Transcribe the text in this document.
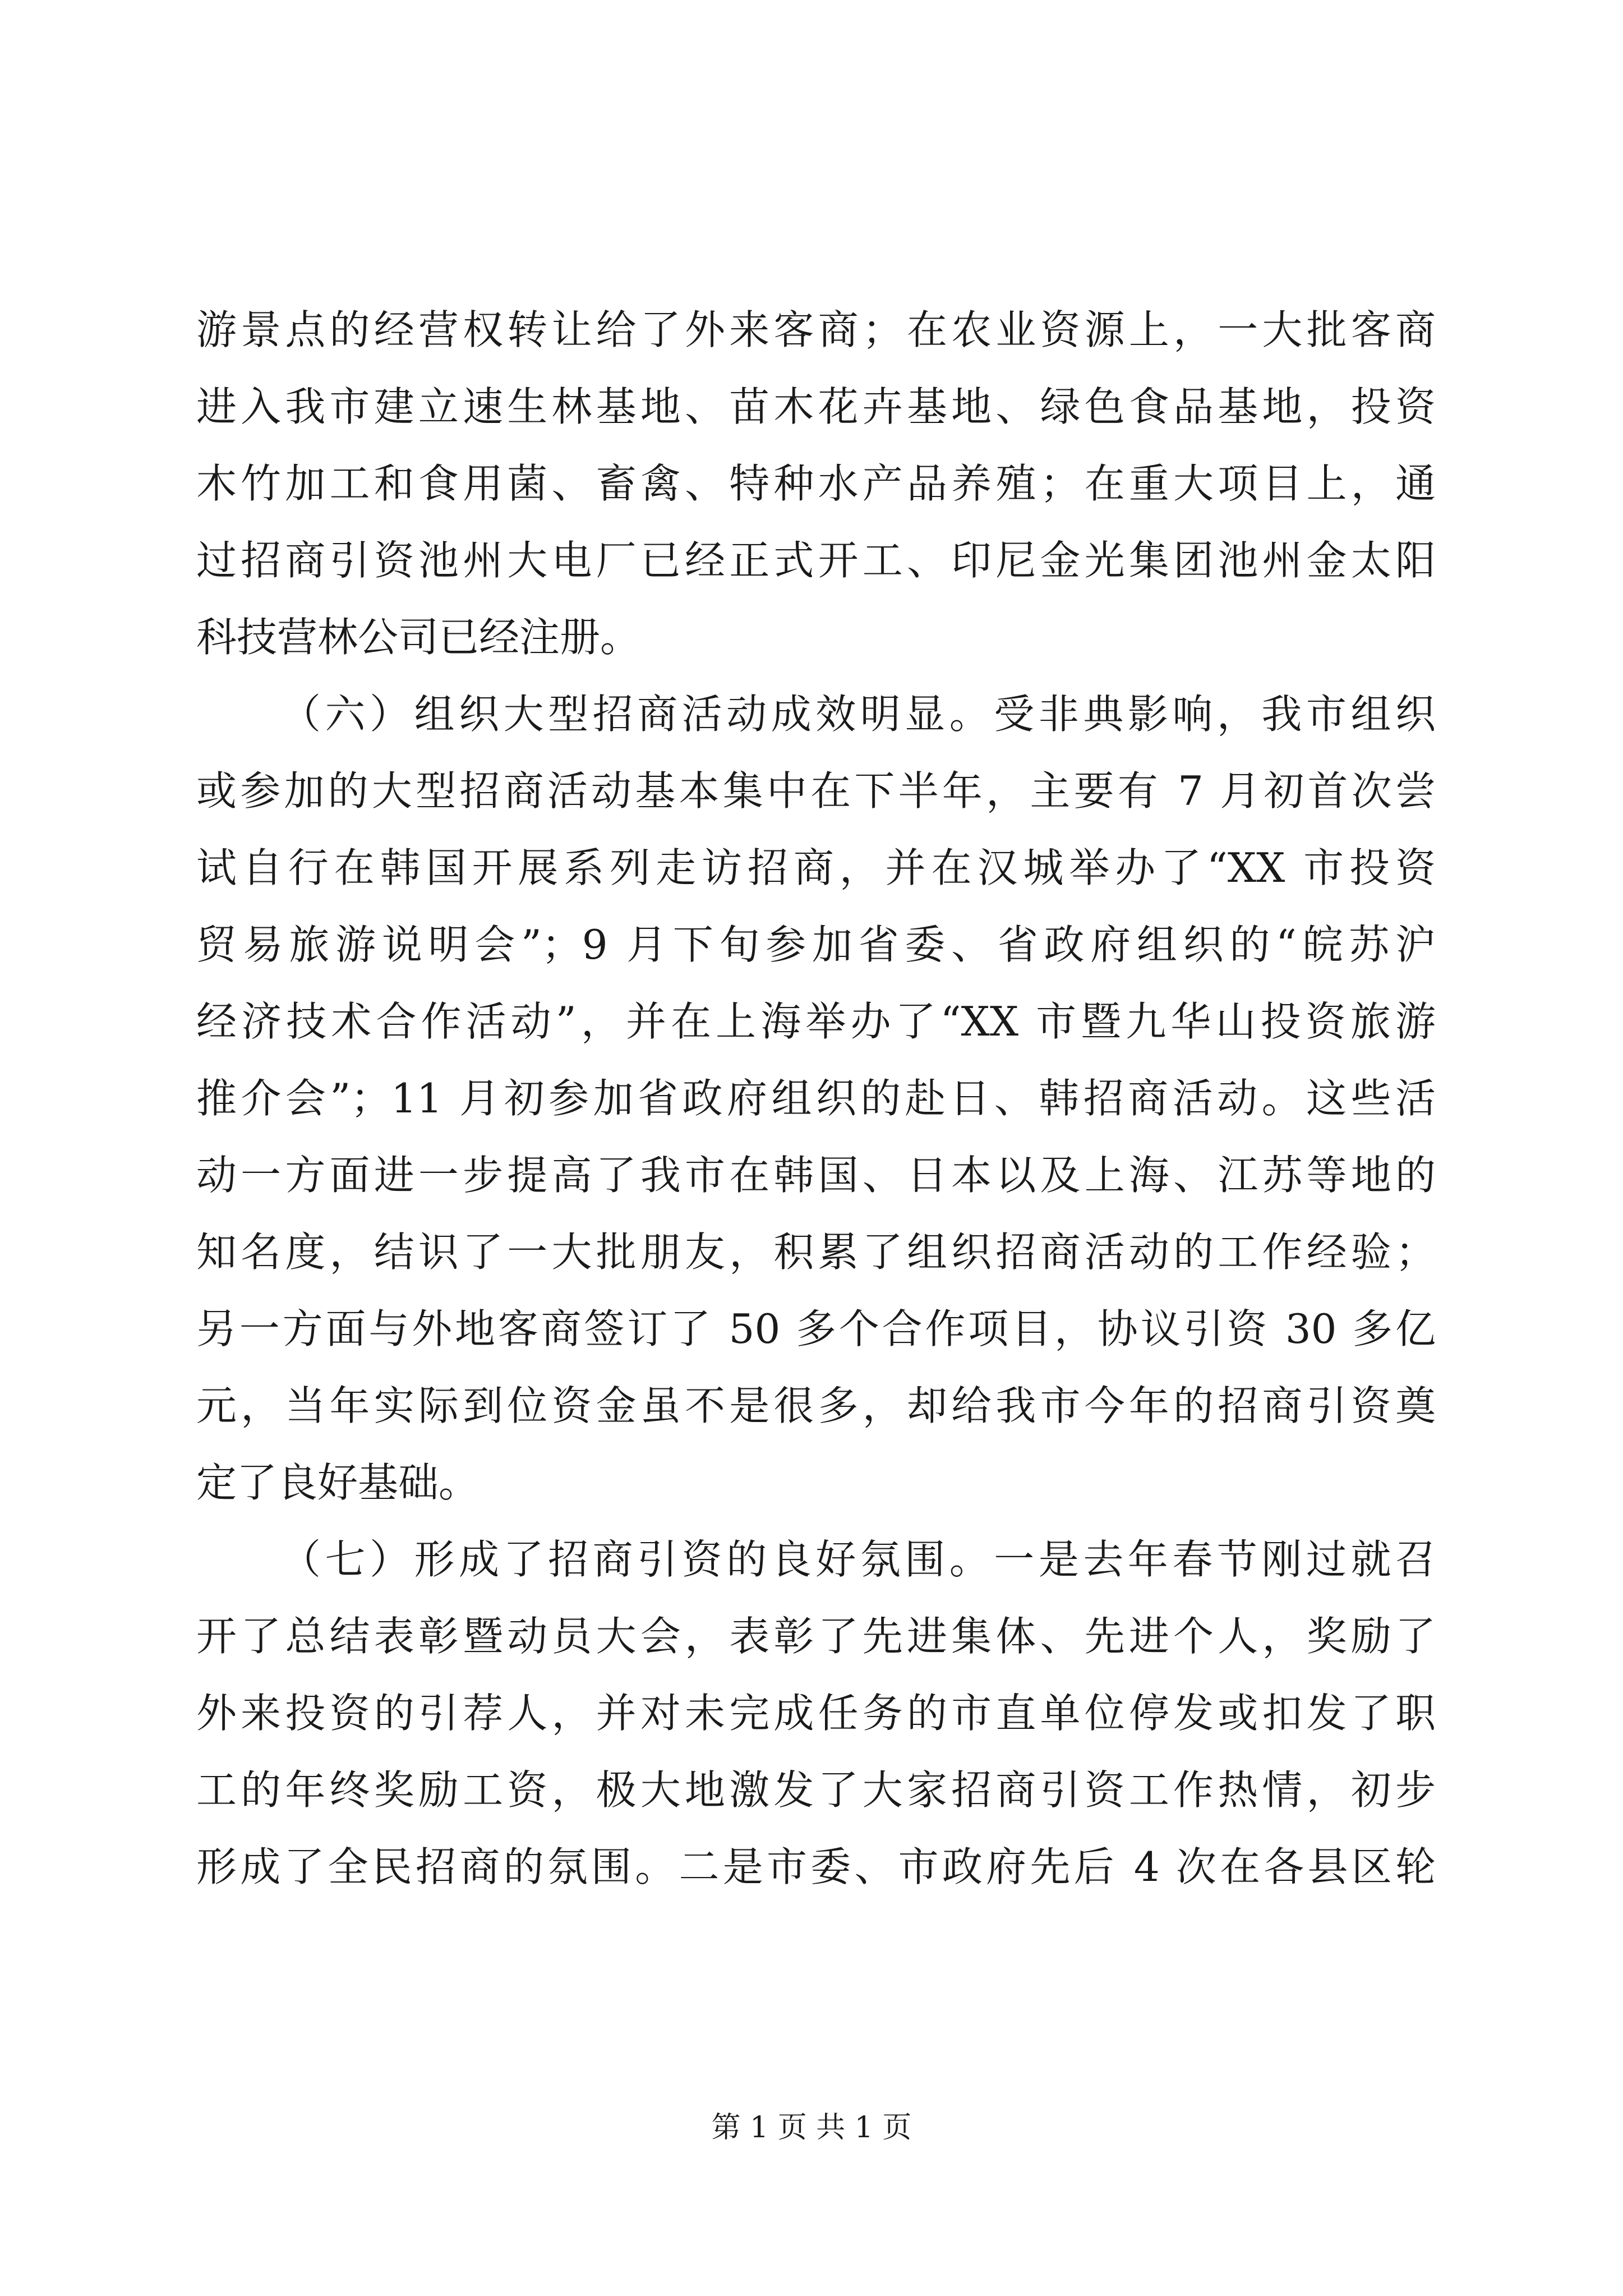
游景点的经营权转让给了外来客商；在农业资源上，一大批客商
进入我市建立速生林基地、苗木花卉基地、绿色食品基地，投资
木竹加工和食用菌、畜禽、特种水产品养殖；在重大项目上，通
过招商引资池州大电厂已经正式开工、印尼金光集团池州金太阳
科技营林公司已经注册。
（六）组织大型招商活动成效明显。受非典影响，我市组织
或参加的大型招商活动基本集中在下半年，主要有 7 月初首次尝
试自行在韩国开展系列走访招商，并在汉城举办了“XX 市投资
贸易旅游说明会”；9 月下旬参加省委、省政府组织的“皖苏沪
经济技术合作活动”，并在上海举办了“XX 市暨九华山投资旅游
推介会”；11 月初参加省政府组织的赴日、韩招商活动。这些活
动一方面进一步提高了我市在韩国、日本以及上海、江苏等地的
知名度，结识了一大批朋友，积累了组织招商活动的工作经验；
另一方面与外地客商签订了 50 多个合作项目，协议引资 30 多亿
元，当年实际到位资金虽不是很多，却给我市今年的招商引资奠
定了良好基础。
（七）形成了招商引资的良好氛围。一是去年春节刚过就召
开了总结表彰暨动员大会，表彰了先进集体、先进个人，奖励了
外来投资的引荐人，并对未完成任务的市直单位停发或扣发了职
工的年终奖励工资，极大地激发了大家招商引资工作热情，初步
形成了全民招商的氛围。二是市委、市政府先后 4 次在各县区轮
第 1 页 共 1 页
